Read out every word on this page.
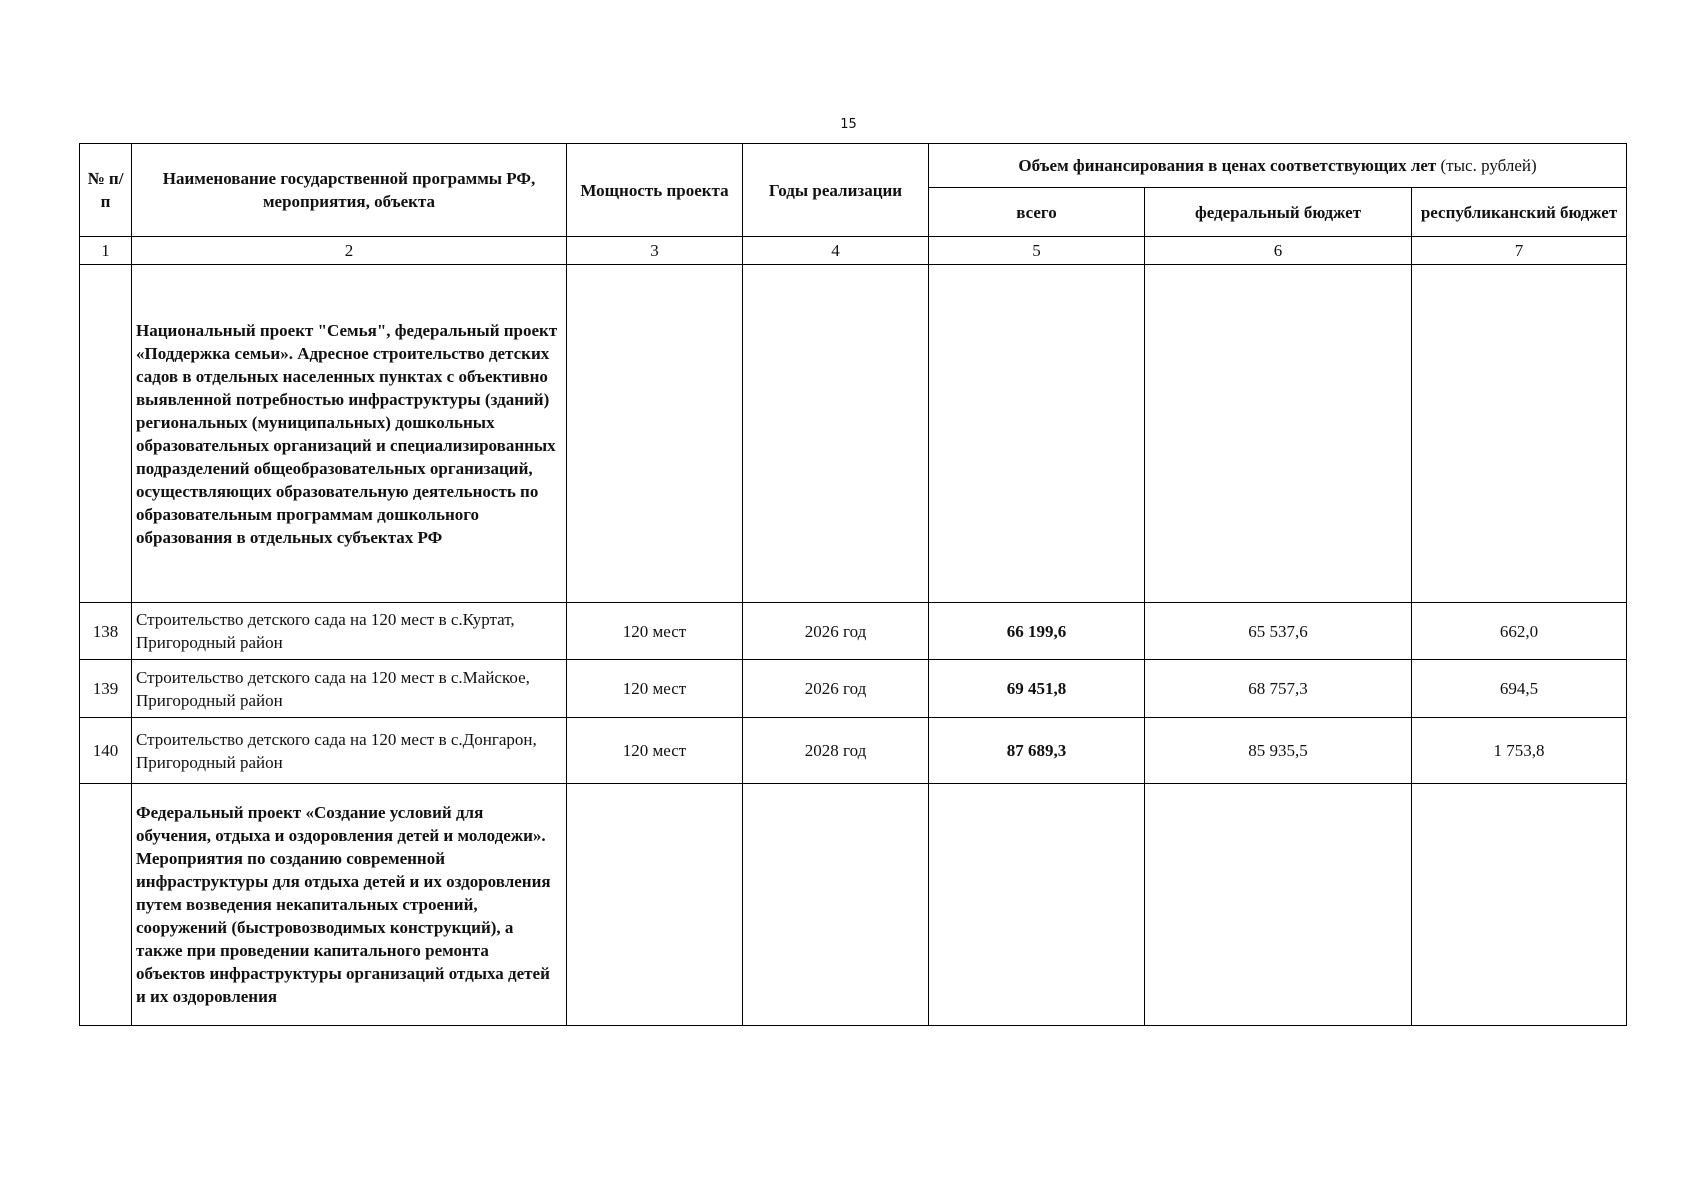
15
№ п/п	Наименование государственной программы РФ, мероприятия, объекта	Мощность проекта	Годы реализации	Объем финансирования в ценах соответствующих лет (тыс. рублей)		
				всего	федеральный бюджет	республиканский бюджет
1	2	3	4	5	6	7
	Национальный проект "Семья", федеральный проект «Поддержка семьи». Адресное строительство детских садов в отдельных населенных пунктах с объективно выявленной потребностью инфраструктуры (зданий) региональных (муниципальных) дошкольных образовательных организаций и специализированных подразделений общеобразовательных организаций, осуществляющих образовательную деятельность по образовательным программам дошкольного образования в отдельных субъектах РФ					
138	Строительство детского сада на 120 мест в с.Куртат, Пригородный район	120 мест	2026 год	66 199,6	65 537,6	662,0
139	Строительство детского сада на 120 мест в с.Майское, Пригородный район	120 мест	2026 год	69 451,8	68 757,3	694,5
140	Строительство детского сада на 120 мест в с.Донгарон, Пригородный район	120 мест	2028 год	87 689,3	85 935,5	1 753,8
	Федеральный проект «Создание условий для обучения, отдыха и оздоровления детей и молодежи». Мероприятия по созданию современной инфраструктуры для отдыха детей и их оздоровления путем возведения некапитальных строений, сооружений (быстровозводимых конструкций), а также при проведении капитального ремонта объектов инфраструктуры организаций отдыха детей и их оздоровления					
